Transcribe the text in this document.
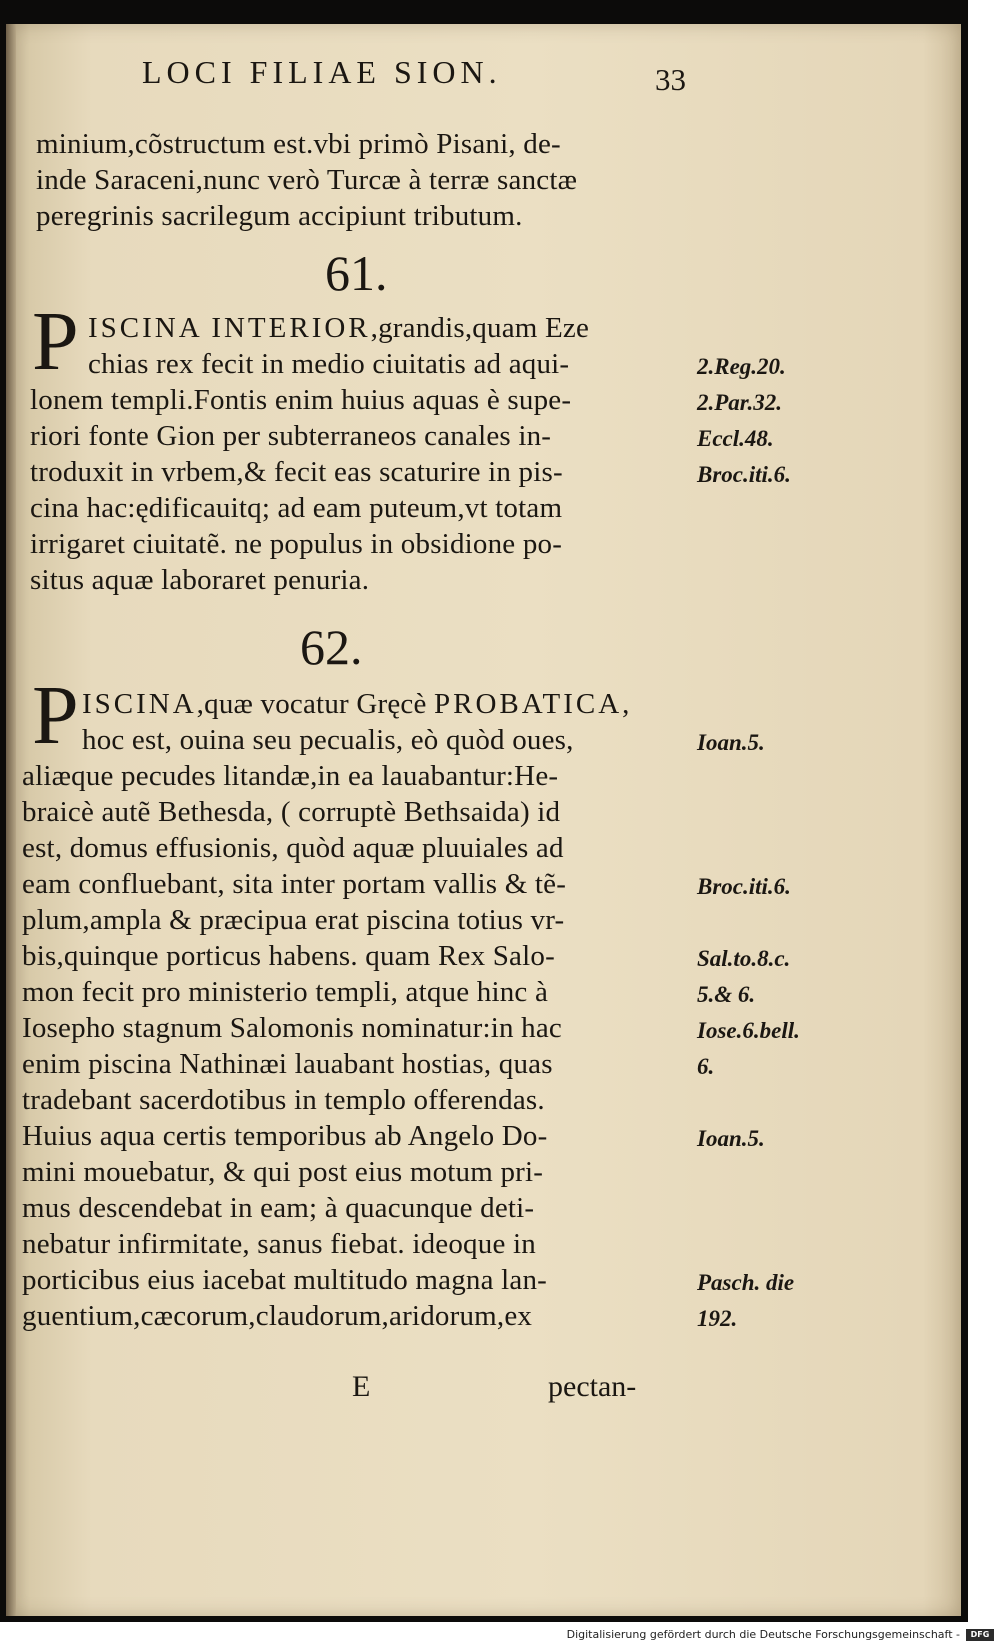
LOCI FILIAE SION.	33
minium,cõstructum est.vbi primò Pisani, de-
inde Saraceni,nunc verò Turcæ à terræ sanctæ
peregrinis sacrilegum accipiunt tributum.
61.
P ISCINA INTERIOR,grandis,quam Eze
chias rex fecit in medio ciuitatis ad aqui-
lonem templi.Fontis enim huius aquas è supe-
riori fonte Gion per subterraneos canales in-
troduxit in vrbem,& fecit eas scaturire in pis-
cina hac:ędificauitq; ad eam puteum,vt totam
irrigaret ciuitatẽ. ne populus in obsidione po-
situs aquæ laboraret penuria.
2.Reg.20.
2.Par.32.
Eccl.48.
Broc.iti.6.
62.
P ISCINA,quæ vocatur Gręcè PROBATICA,
hoc est, ouina seu pecualis, eò quòd oues,
aliæque pecudes litandæ,in ea lauabantur:He-
braicè autẽ Bethesda, ( corruptè Bethsaida) id
est, domus effusionis, quòd aquæ pluuiales ad
eam confluebant, sita inter portam vallis & tẽ-
plum,ampla & præcipua erat piscina totius vr-
bis,quinque porticus habens. quam Rex Salo-
mon fecit pro ministerio templi, atque hinc à
Iosepho stagnum Salomonis nominatur:in hac
enim piscina Nathinæi lauabant hostias, quas
tradebant sacerdotibus in templo offerendas.
Huius aqua certis temporibus ab Angelo Do-
mini mouebatur, & qui post eius motum pri-
mus descendebat in eam; à quacunque deti-
nebatur infirmitate, sanus fiebat. ideoque in
porticibus eius iacebat multitudo magna lan-
guentium,cæcorum,claudorum,aridorum,ex
Ioan.5.
Broc.iti.6.
Sal.to.8.c.
5.& 6.
Iose.6.bell.
6.
Ioan.5.
Pasch. die
192.
E	pectan-
Digitalisierung gefördert durch die Deutsche Forschungsgemeinschaft -	DFG
